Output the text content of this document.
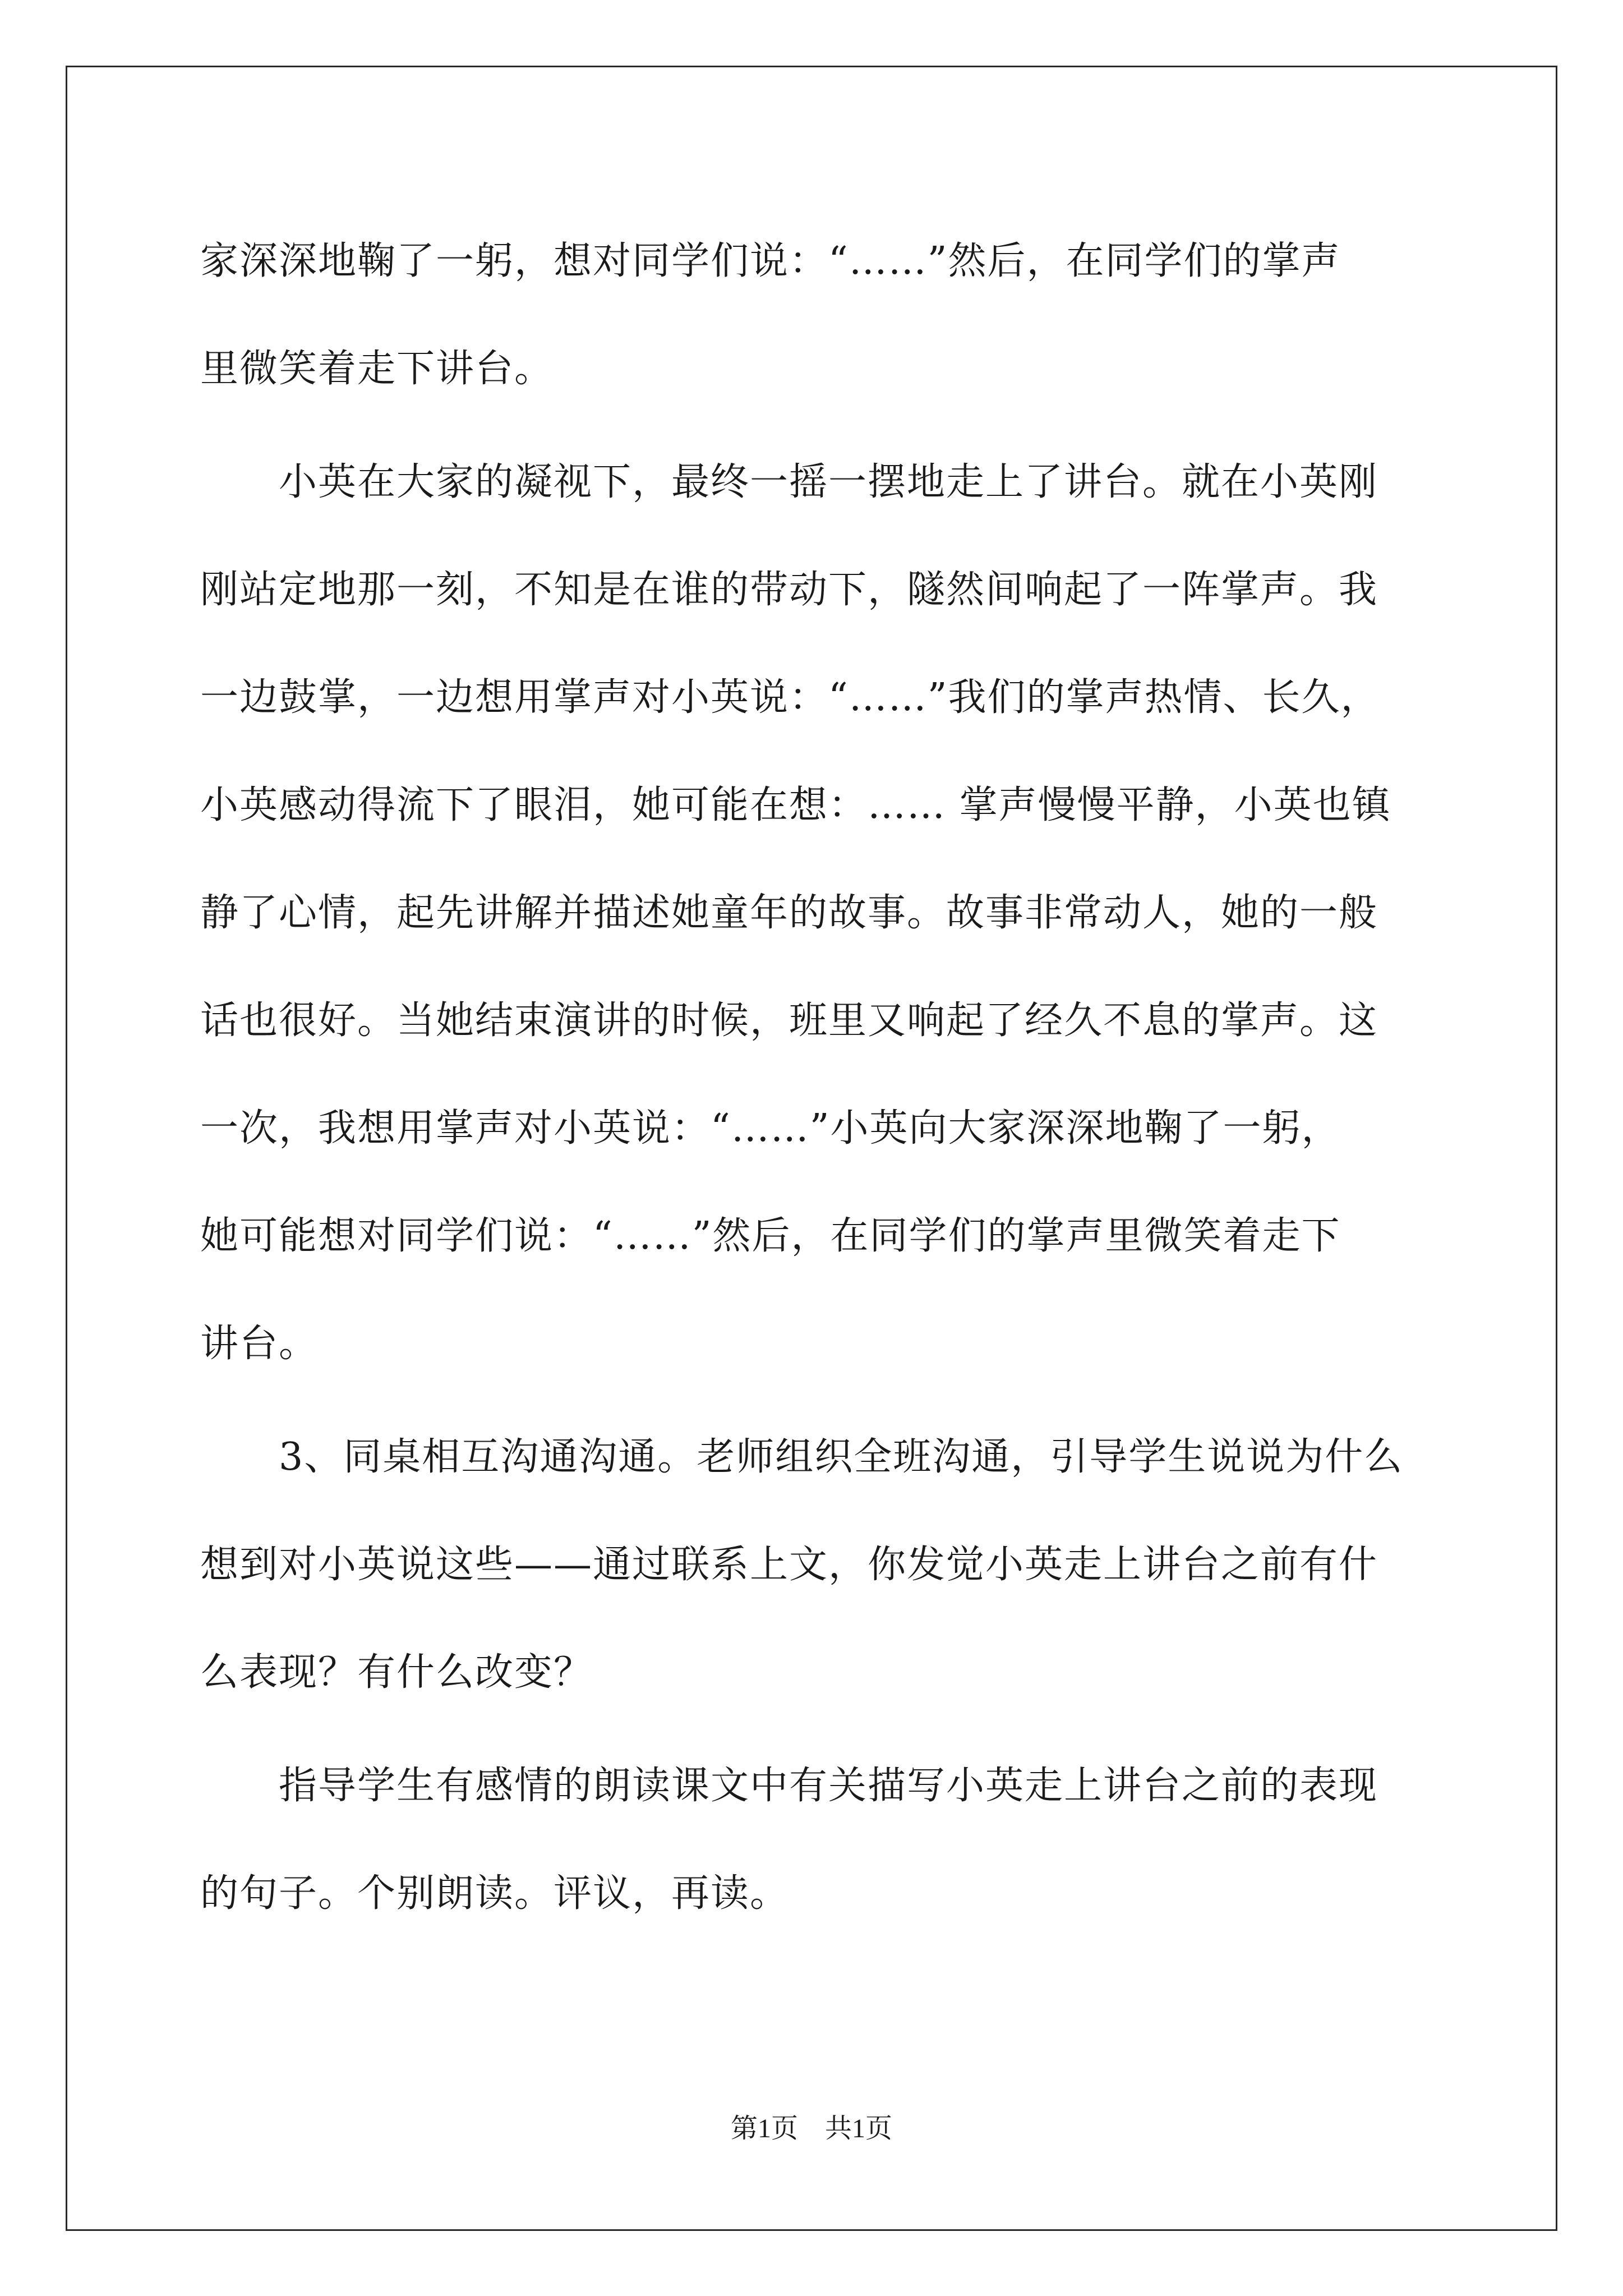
家深深地鞠了一躬，想对同学们说：“……”然后，在同学们的掌声
里微笑着走下讲台。
小英在大家的凝视下，最终一摇一摆地走上了讲台。就在小英刚
刚站定地那一刻，不知是在谁的带动下，隧然间响起了一阵掌声。我
一边鼓掌，一边想用掌声对小英说：“……”我们的掌声热情、长久，
小英感动得流下了眼泪，她可能在想：…… 掌声慢慢平静，小英也镇
静了心情，起先讲解并描述她童年的故事。故事非常动人，她的一般
话也很好。当她结束演讲的时候，班里又响起了经久不息的掌声。这
一次，我想用掌声对小英说：“……”小英向大家深深地鞠了一躬，
她可能想对同学们说：“……”然后，在同学们的掌声里微笑着走下
讲台。
3、同桌相互沟通沟通。老师组织全班沟通，引导学生说说为什么
想到对小英说这些——通过联系上文，你发觉小英走上讲台之前有什
么表现？有什么改变？
指导学生有感情的朗读课文中有关描写小英走上讲台之前的表现
的句子。个别朗读。评议，再读。
第1页　共1页
